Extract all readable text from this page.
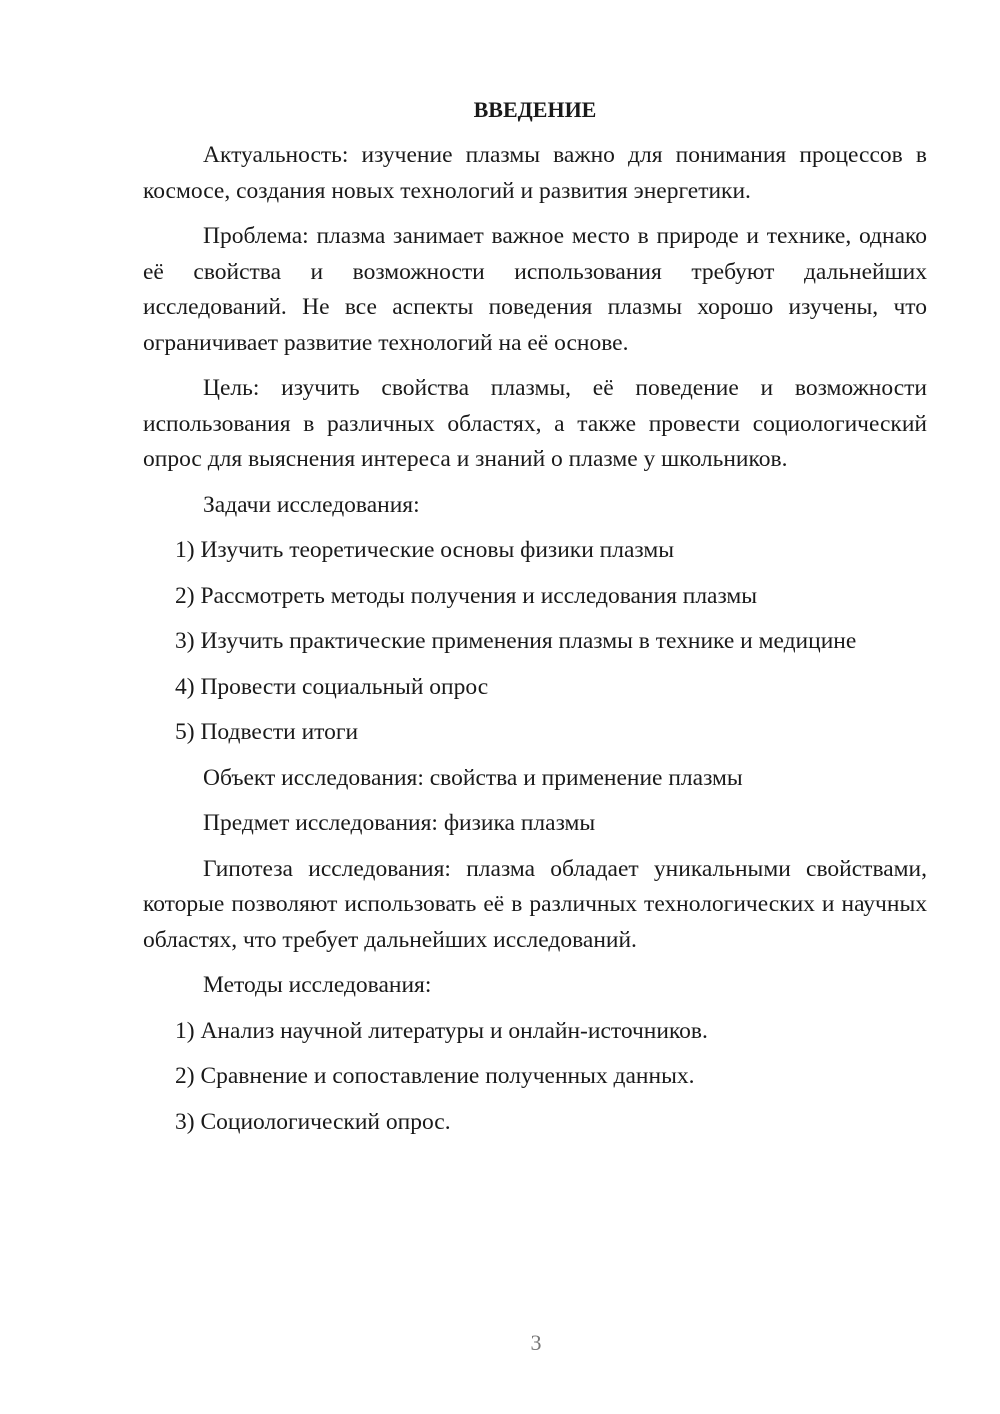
ВВЕДЕНИЕ
Актуальность: изучение плазмы важно для понимания процессов в космосе, создания новых технологий и развития энергетики.
Проблема: плазма занимает важное место в природе и технике, однако её свойства и возможности использования требуют дальнейших исследований. Не все аспекты поведения плазмы хорошо изучены, что ограничивает развитие технологий на её основе.
Цель: изучить свойства плазмы, её поведение и возможности использования в различных областях, а также провести социологический опрос для выяснения интереса и знаний о плазме у школьников.
Задачи исследования:
1) Изучить теоретические основы физики плазмы
2) Рассмотреть методы получения и исследования плазмы
3) Изучить практические применения плазмы в технике и медицине
4) Провести социальный опрос
5) Подвести итоги
Объект исследования: свойства и применение плазмы
Предмет исследования: физика плазмы
Гипотеза исследования: плазма обладает уникальными свойствами, которые позволяют использовать её в различных технологических и научных областях, что требует дальнейших исследований.
Методы исследования:
1) Анализ научной литературы и онлайн-источников.
2) Сравнение и сопоставление полученных данных.
3) Социологический опрос.
3
